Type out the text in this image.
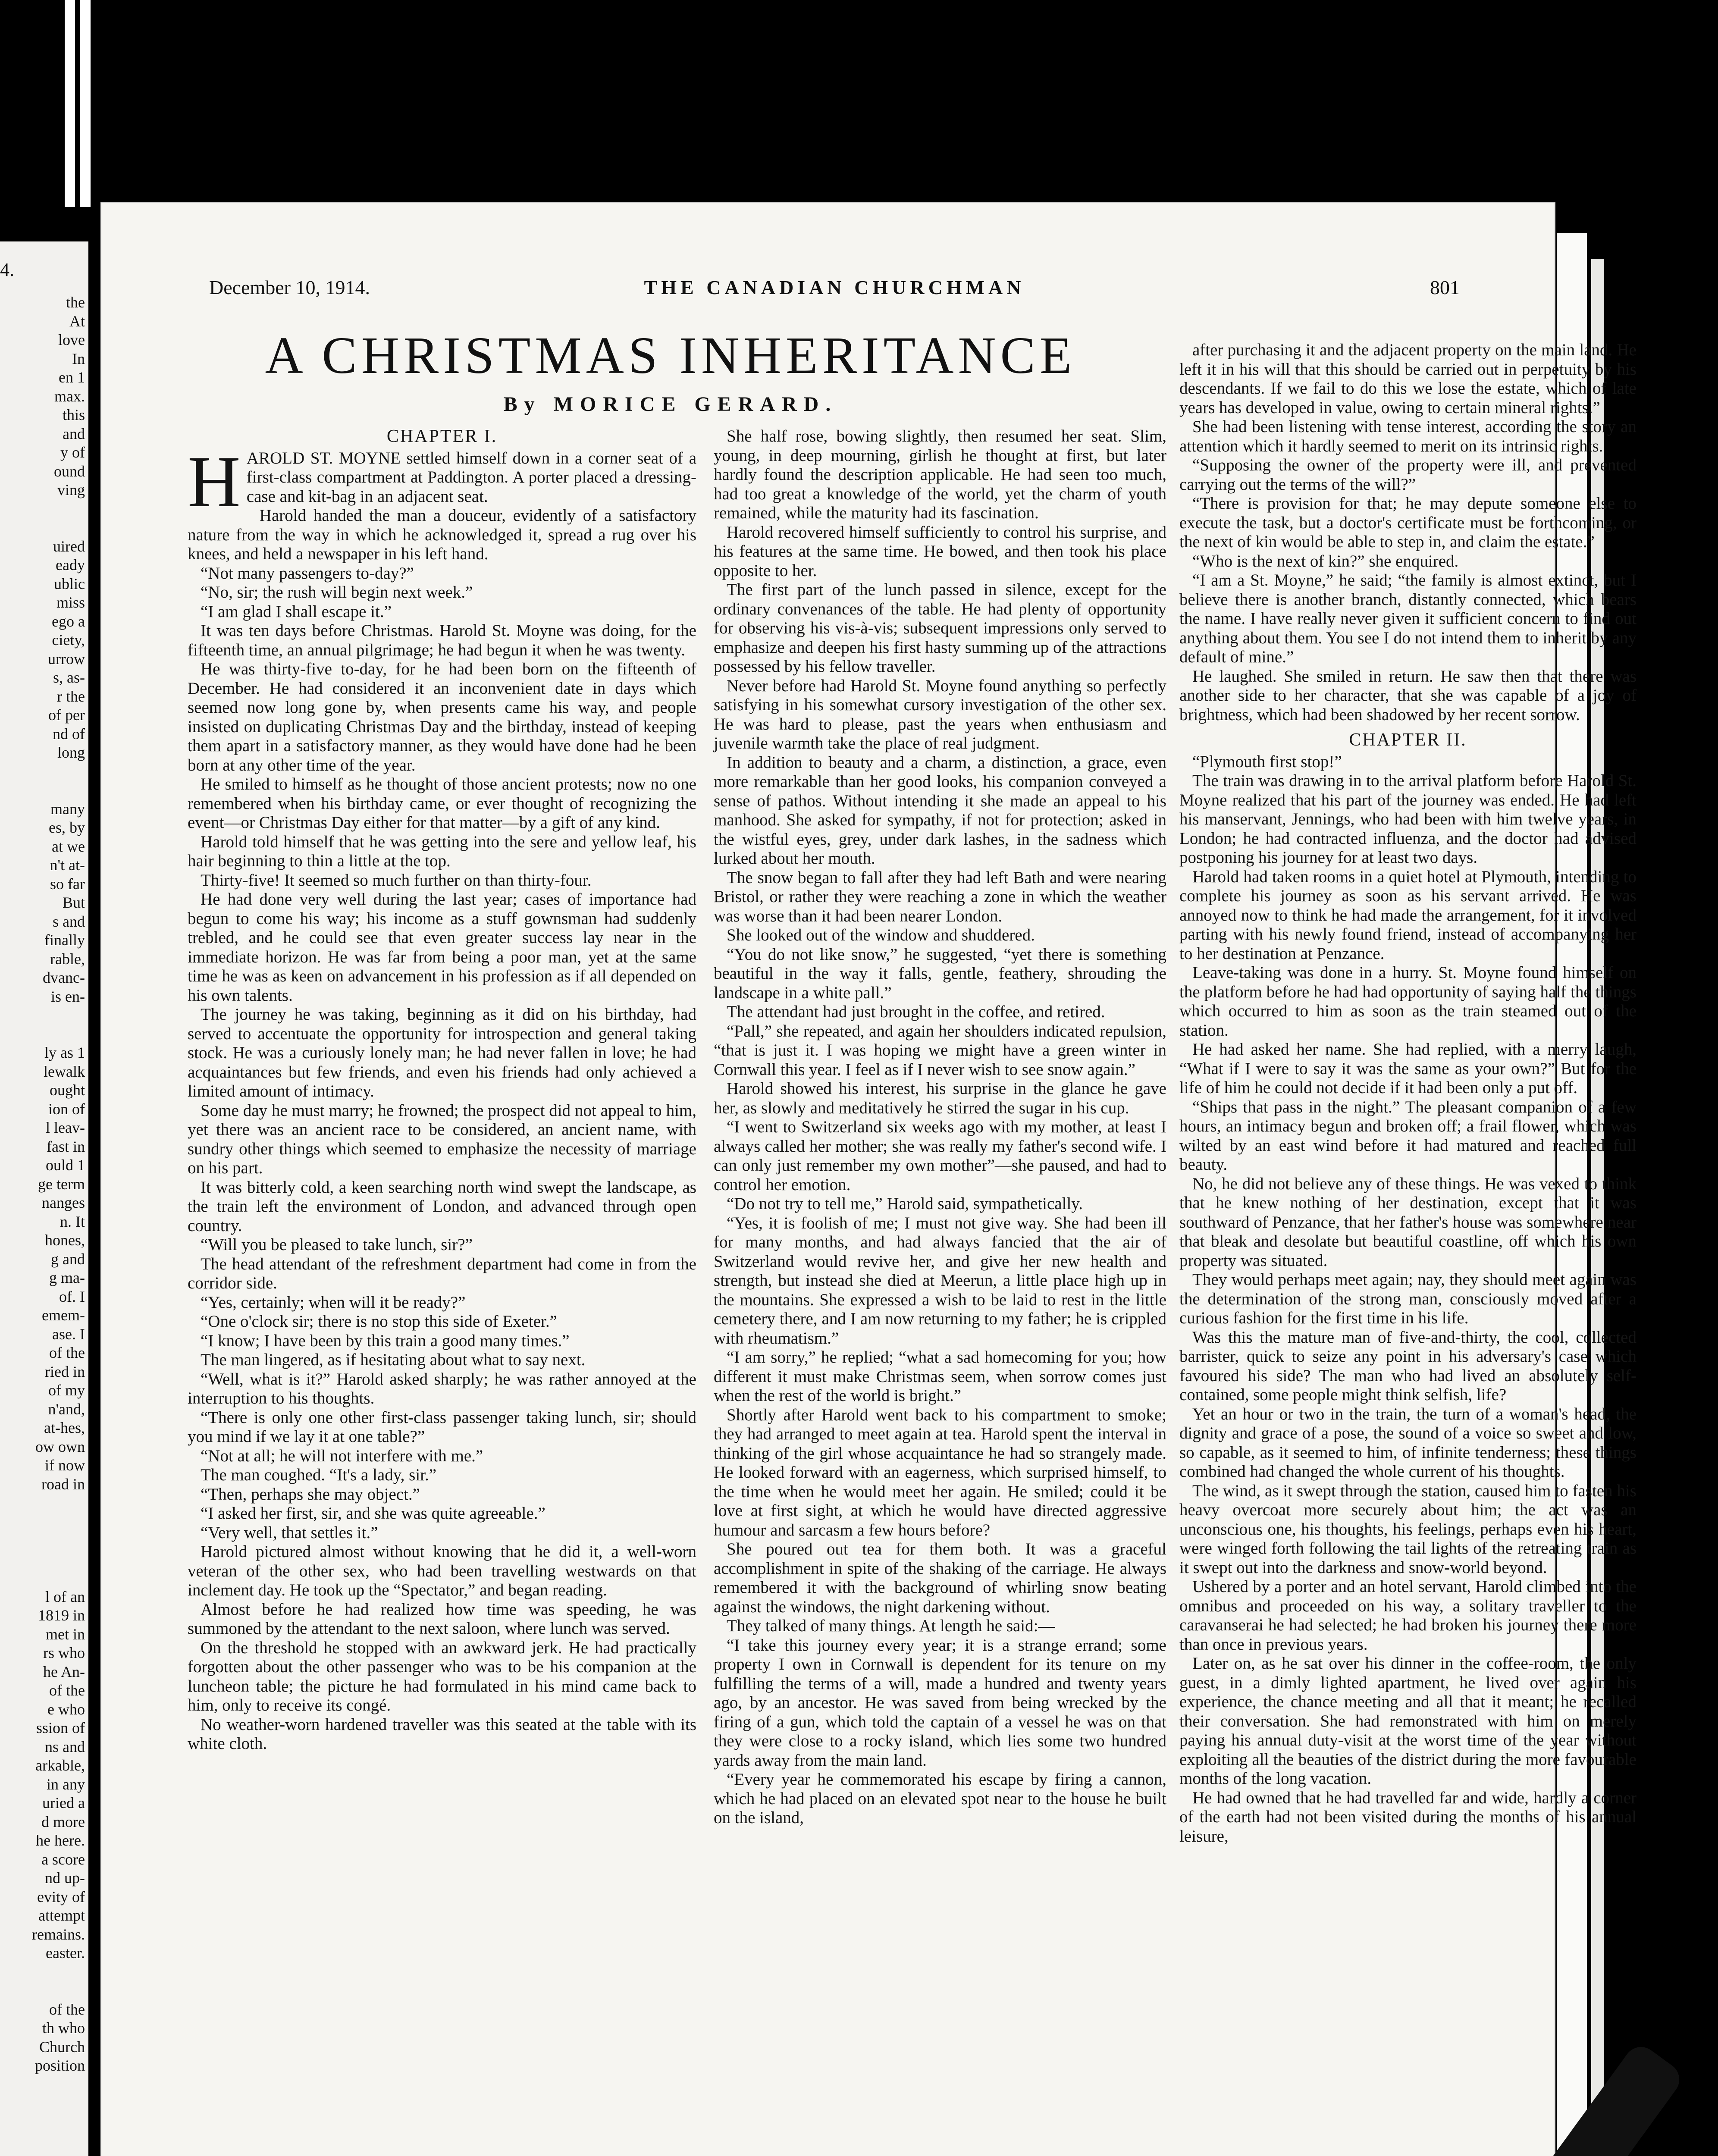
4.
the
At
love
In
en 1
max.
this
and
y of
ound
ving
uired
eady
ublic
miss
ego a
ciety,
urrow
s, as-
r the
of per
nd of
long
many
es, by
at we
n't at-
so far
But
s and
finally
rable,
dvanc-
is en-
ly as 1
lewalk
ought
ion of
l leav-
fast in
ould 1
ge term
nanges
n. It
hones,
g and
g ma-
of. I
emem-
ase. I
of the
ried in
of my
n'and,
at-hes,
ow own
if now
road in
l of an
1819 in
met in
rs who
he An-
of the
e who
ssion of
ns and
arkable,
in any
uried a
d more
he here.
a score
nd up-
evity of
attempt
remains.
easter.
of the
th who
Church
position
December 10, 1914.	THE CANADIAN CHURCHMAN	801
A CHRISTMAS INHERITANCE
By MORICE GERARD.
CHAPTER I.

HAROLD ST. MOYNE settled himself down in a corner seat of a first-class compartment at Paddington. A porter placed a dressing-case and kit-bag in an adjacent seat.

Harold handed the man a douceur, evidently of a satisfactory nature from the way in which he acknowledged it, spread a rug over his knees, and held a newspaper in his left hand.

“Not many passengers to-day?”

“No, sir; the rush will begin next week.”

“I am glad I shall escape it.”

It was ten days before Christmas. Harold St. Moyne was doing, for the fifteenth time, an annual pilgrimage; he had begun it when he was twenty.

He was thirty-five to-day, for he had been born on the fifteenth of December. He had considered it an inconvenient date in days which seemed now long gone by, when presents came his way, and people insisted on duplicating Christmas Day and the birthday, instead of keeping them apart in a satisfactory manner, as they would have done had he been born at any other time of the year.

He smiled to himself as he thought of those ancient protests; now no one remembered when his birthday came, or ever thought of recognizing the event—or Christmas Day either for that matter—by a gift of any kind.

Harold told himself that he was getting into the sere and yellow leaf, his hair beginning to thin a little at the top.

Thirty-five! It seemed so much further on than thirty-four.

He had done very well during the last year; cases of importance had begun to come his way; his income as a stuff gownsman had suddenly trebled, and he could see that even greater success lay near in the immediate horizon. He was far from being a poor man, yet at the same time he was as keen on advancement in his profession as if all depended on his own talents.

The journey he was taking, beginning as it did on his birthday, had served to accentuate the opportunity for introspection and general taking stock. He was a curiously lonely man; he had never fallen in love; he had acquaintances but few friends, and even his friends had only achieved a limited amount of intimacy.

Some day he must marry; he frowned; the prospect did not appeal to him, yet there was an ancient race to be considered, an ancient name, with sundry other things which seemed to emphasize the necessity of marriage on his part.

It was bitterly cold, a keen searching north wind swept the landscape, as the train left the environment of London, and advanced through open country.

“Will you be pleased to take lunch, sir?”

The head attendant of the refreshment department had come in from the corridor side.

“Yes, certainly; when will it be ready?”

“One o'clock sir; there is no stop this side of Exeter.”

“I know; I have been by this train a good many times.”

The man lingered, as if hesitating about what to say next.

“Well, what is it?” Harold asked sharply; he was rather annoyed at the interruption to his thoughts.

“There is only one other first-class passenger taking lunch, sir; should you mind if we lay it at one table?”

“Not at all; he will not interfere with me.”

The man coughed. “It's a lady, sir.”

“Then, perhaps she may object.”

“I asked her first, sir, and she was quite agreeable.”

“Very well, that settles it.”

Harold pictured almost without knowing that he did it, a well-worn veteran of the other sex, who had been travelling westwards on that inclement day. He took up the “Spectator,” and began reading.

Almost before he had realized how time was speeding, he was summoned by the attendant to the next saloon, where lunch was served.

On the threshold he stopped with an awkward jerk. He had practically forgotten about the other passenger who was to be his companion at the luncheon table; the picture he had formulated in his mind came back to him, only to receive its congé.

No weather-worn hardened traveller was this seated at the table with its white cloth.

She half rose, bowing slightly, then resumed her seat. Slim, young, in deep mourning, girlish he thought at first, but later hardly found the description applicable. He had seen too much, had too great a knowledge of the world, yet the charm of youth remained, while the maturity had its fascination.

Harold recovered himself sufficiently to control his surprise, and his features at the same time. He bowed, and then took his place opposite to her.

The first part of the lunch passed in silence, except for the ordinary convenances of the table. He had plenty of opportunity for observing his vis-à-vis; subsequent impressions only served to emphasize and deepen his first hasty summing up of the attractions possessed by his fellow traveller.

Never before had Harold St. Moyne found anything so perfectly satisfying in his somewhat cursory investigation of the other sex. He was hard to please, past the years when enthusiasm and juvenile warmth take the place of real judgment.

In addition to beauty and a charm, a distinction, a grace, even more remarkable than her good looks, his companion conveyed a sense of pathos. Without intending it she made an appeal to his manhood. She asked for sympathy, if not for protection; asked in the wistful eyes, grey, under dark lashes, in the sadness which lurked about her mouth.

The snow began to fall after they had left Bath and were nearing Bristol, or rather they were reaching a zone in which the weather was worse than it had been nearer London.

She looked out of the window and shuddered.

“You do not like snow,” he suggested, “yet there is something beautiful in the way it falls, gentle, feathery, shrouding the landscape in a white pall.”

The attendant had just brought in the coffee, and retired.

“Pall,” she repeated, and again her shoulders indicated repulsion, “that is just it. I was hoping we might have a green winter in Cornwall this year. I feel as if I never wish to see snow again.”

Harold showed his interest, his surprise in the glance he gave her, as slowly and meditatively he stirred the sugar in his cup.

“I went to Switzerland six weeks ago with my mother, at least I always called her mother; she was really my father's second wife. I can only just remember my own mother”—she paused, and had to control her emotion.

“Do not try to tell me,” Harold said, sympathetically.

“Yes, it is foolish of me; I must not give way. She had been ill for many months, and had always fancied that the air of Switzerland would revive her, and give her new health and strength, but instead she died at Meerun, a little place high up in the mountains. She expressed a wish to be laid to rest in the little cemetery there, and I am now returning to my father; he is crippled with rheumatism.”

“I am sorry,” he replied; “what a sad homecoming for you; how different it must make Christmas seem, when sorrow comes just when the rest of the world is bright.”

Shortly after Harold went back to his compartment to smoke; they had arranged to meet again at tea. Harold spent the interval in thinking of the girl whose acquaintance he had so strangely made. He looked forward with an eagerness, which surprised himself, to the time when he would meet her again. He smiled; could it be love at first sight, at which he would have directed aggressive humour and sarcasm a few hours before?

She poured out tea for them both. It was a graceful accomplishment in spite of the shaking of the carriage. He always remembered it with the background of whirling snow beating against the windows, the night darkening without.

They talked of many things. At length he said:—

“I take this journey every year; it is a strange errand; some property I own in Cornwall is dependent for its tenure on my fulfilling the terms of a will, made a hundred and twenty years ago, by an ancestor. He was saved from being wrecked by the firing of a gun, which told the captain of a vessel he was on that they were close to a rocky island, which lies some two hundred yards away from the main land.

“Every year he commemorated his escape by firing a cannon, which he had placed on an elevated spot near to the house he built on the island,

after purchasing it and the adjacent property on the main land. He left it in his will that this should be carried out in perpetuity by his descendants. If we fail to do this we lose the estate, which of late years has developed in value, owing to certain mineral rights.”

She had been listening with tense interest, according the story an attention which it hardly seemed to merit on its intrinsic rights.

“Supposing the owner of the property were ill, and prevented carrying out the terms of the will?”

“There is provision for that; he may depute someone else to execute the task, but a doctor's certificate must be forthcoming, or the next of kin would be able to step in, and claim the estate.”

“Who is the next of kin?” she enquired.

“I am a St. Moyne,” he said; “the family is almost extinct, but I believe there is another branch, distantly connected, which bears the name. I have really never given it sufficient concern to find out anything about them. You see I do not intend them to inherit by any default of mine.”

He laughed. She smiled in return. He saw then that there was another side to her character, that she was capable of a joy of brightness, which had been shadowed by her recent sorrow.

CHAPTER II.

“Plymouth first stop!”

The train was drawing in to the arrival platform before Harold St. Moyne realized that his part of the journey was ended. He had left his manservant, Jennings, who had been with him twelve years, in London; he had contracted influenza, and the doctor had advised postponing his journey for at least two days.

Harold had taken rooms in a quiet hotel at Plymouth, intending to complete his journey as soon as his servant arrived. He was annoyed now to think he had made the arrangement, for it involved parting with his newly found friend, instead of accompanying her to her destination at Penzance.

Leave-taking was done in a hurry. St. Moyne found himself on the platform before he had had opportunity of saying half the things which occurred to him as soon as the train steamed out of the station.

He had asked her name. She had replied, with a merry laugh, “What if I were to say it was the same as your own?” But for the life of him he could not decide if it had been only a put off.

“Ships that pass in the night.” The pleasant companion of a few hours, an intimacy begun and broken off; a frail flower, which was wilted by an east wind before it had matured and reached full beauty.

No, he did not believe any of these things. He was vexed to think that he knew nothing of her destination, except that it was southward of Penzance, that her father's house was somewhere near that bleak and desolate but beautiful coastline, off which his own property was situated.

They would perhaps meet again; nay, they should meet again was the determination of the strong man, consciously moved after a curious fashion for the first time in his life.

Was this the mature man of five-and-thirty, the cool, collected barrister, quick to seize any point in his adversary's case which favoured his side? The man who had lived an absolutely self-contained, some people might think selfish, life?

Yet an hour or two in the train, the turn of a woman's head, the dignity and grace of a pose, the sound of a voice so sweet and low, so capable, as it seemed to him, of infinite tenderness; these things combined had changed the whole current of his thoughts.

The wind, as it swept through the station, caused him to fasten his heavy overcoat more securely about him; the act was an unconscious one, his thoughts, his feelings, perhaps even his heart, were winged forth following the tail lights of the retreating train as it swept out into the darkness and snow-world beyond.

Ushered by a porter and an hotel servant, Harold climbed into the omnibus and proceeded on his way, a solitary traveller to the caravanserai he had selected; he had broken his journey there more than once in previous years.

Later on, as he sat over his dinner in the coffee-room, the only guest, in a dimly lighted apartment, he lived over again his experience, the chance meeting and all that it meant; he recalled their conversation. She had remonstrated with him on merely paying his annual duty-visit at the worst time of the year without exploiting all the beauties of the district during the more favourable months of the long vacation.

He had owned that he had travelled far and wide, hardly a corner of the earth had not been visited during the months of his annual leisure,
